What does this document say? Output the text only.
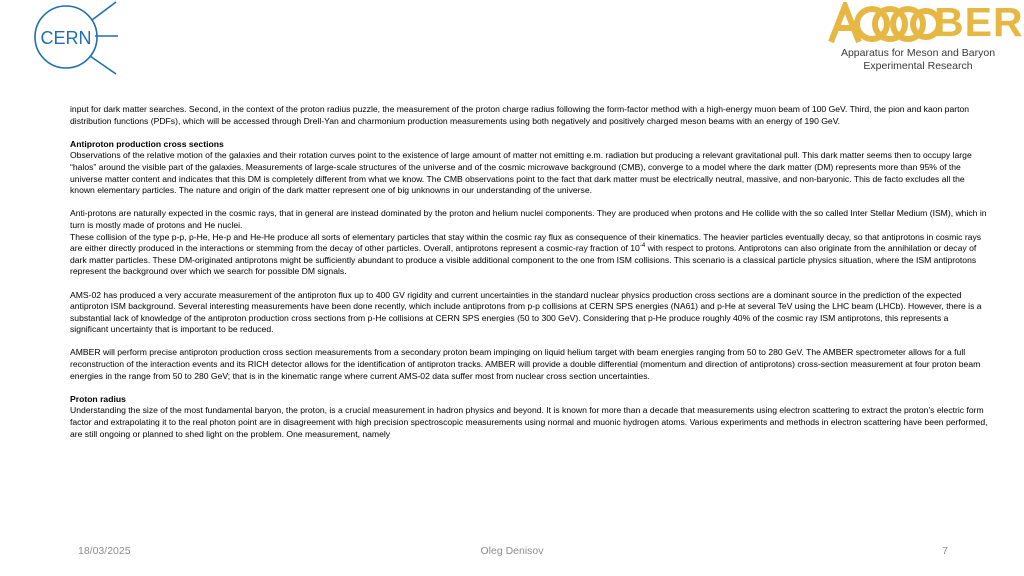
CERN	BER
Apparatus for Meson and Baryon
Experimental Research

input for dark matter searches. Second, in the context of the proton radius puzzle, the measurement of the proton charge radius following the form-factor method with a high-energy muon beam of 100 GeV. Third, the pion and kaon parton distribution functions (PDFs), which will be accessed through Drell-Yan and charmonium production measurements using both negatively and positively charged meson beams with an energy of 190 GeV.

Antiproton production cross sections
Observations of the relative motion of the galaxies and their rotation curves point to the existence of large amount of matter not emitting e.m. radiation but producing a relevant gravitational pull. This dark matter seems then to occupy large “halos” around the visible part of the galaxies. Measurements of large-scale structures of the universe and of the cosmic microwave background (CMB), converge to a model where the dark matter (DM) represents more than 95% of the universe matter content and indicates that this DM is completely different from what we know. The CMB observations point to the fact that dark matter must be electrically neutral, massive, and non-baryonic. This de facto excludes all the known elementary particles. The nature and origin of the dark matter represent one of big unknowns in our understanding of the universe.

Anti-protons are naturally expected in the cosmic rays, that in general are instead dominated by the proton and helium nuclei components. They are produced when protons and He collide with the so called Inter Stellar Medium (ISM), which in turn is mostly made of protons and He nuclei.
These collision of the type p-p, p-He, He-p and He-He produce all sorts of elementary particles that stay within the cosmic ray flux as consequence of their kinematics. The heavier particles eventually decay, so that antiprotons in cosmic rays are either directly produced in the interactions or stemming from the decay of other particles. Overall, antiprotons represent a cosmic-ray fraction of $10^{-4}$ with respect to protons. Antiprotons can also originate from the annihilation or decay of dark matter particles. These DM-originated antiprotons might be sufficiently abundant to produce a visible additional component to the one from ISM collisions. This scenario is a classical particle physics situation, where the ISM antiprotons represent the background over which we search for possible DM signals.

AMS-02 has produced a very accurate measurement of the antiproton flux up to 400 GV rigidity and current uncertainties in the standard nuclear physics production cross sections are a dominant source in the prediction of the expected antiproton ISM background. Several interesting measurements have been done recently, which include antiprotons from p-p collisions at CERN SPS energies (NA61) and p-He at several TeV using the LHC beam (LHCb). However, there is a substantial lack of knowledge of the antiproton production cross sections from p-He collisions at CERN SPS energies (50 to 300 GeV). Considering that p-He produce roughly 40% of the cosmic ray ISM antiprotons, this represents a significant uncertainty that is important to be reduced.

AMBER will perform precise antiproton production cross section measurements from a secondary proton beam impinging on liquid helium target with beam energies ranging from 50 to 280 GeV. The AMBER spectrometer allows for a full reconstruction of the interaction events and its RICH detector allows for the identification of antiproton tracks. AMBER will provide a double differential (momentum and direction of antiprotons) cross-section measurement at four proton beam energies in the range from 50 to 280 GeV; that is in the kinematic range where current AMS-02 data suffer most from nuclear cross section uncertainties.

Proton radius
Understanding the size of the most fundamental baryon, the proton, is a crucial measurement in hadron physics and beyond. It is known for more than a decade that measurements using electron scattering to extract the proton’s electric form factor and extrapolating it to the real photon point are in disagreement with high precision spectroscopic measurements using normal and muonic hydrogen atoms. Various experiments and methods in electron scattering have been performed, are still ongoing or planned to shed light on the problem. One measurement, namely

18/03/2025	Oleg Denisov	7
